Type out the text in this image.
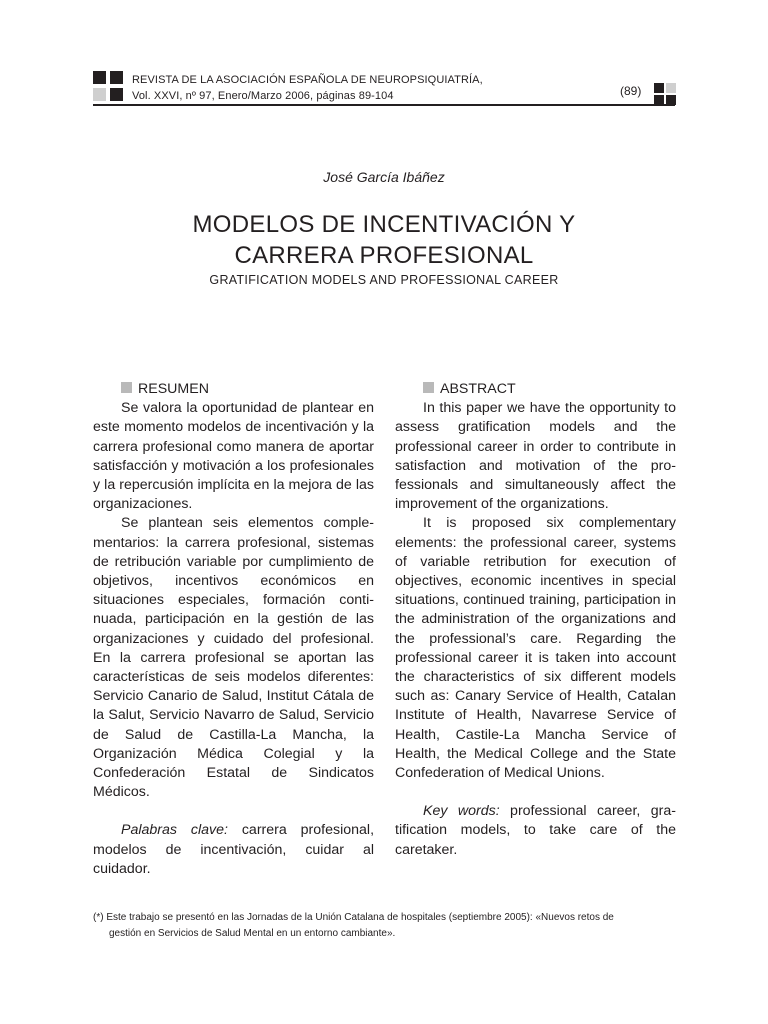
REVISTA DE LA ASOCIACIÓN ESPAÑOLA DE NEUROPSIQUIATRÍA,
Vol. XXVI, nº 97, Enero/Marzo 2006, páginas 89-104	(89)
José García Ibáñez
MODELOS DE INCENTIVACIÓN Y
CARRERA PROFESIONAL
GRATIFICATION MODELS AND PROFESSIONAL CAREER
RESUMEN

Se valora la oportunidad de plantear en este momento modelos de incentivación y la carrera profesional como manera de aportar satisfacción y motivación a los profesionales y la repercusión implícita en la mejora de las organizaciones.

Se plantean seis elementos complementarios: la carrera profesional, sistemas de retribución variable por cumplimiento de objetivos, incentivos económicos en situaciones especiales, formación continuada, participación en la gestión de las organizaciones y cuidado del profesional. En la carrera profesional se aportan las características de seis modelos diferentes: Servicio Canario de Salud, Institut Cátala de la Salut, Servicio Navarro de Salud, Servicio de Salud de Castilla-La Mancha, la Organización Médica Colegial y la Confederación Estatal de Sindicatos Médicos.

Palabras clave: carrera profesional, modelos de incentivación, cuidar al cuidador.

ABSTRACT

In this paper we have the opportunity to assess gratification models and the professional career in order to contribute in satisfaction and motivation of the professionals and simultaneously affect the improvement of the organizations.

It is proposed six complementary elements: the professional career, systems of variable retribution for execution of objectives, economic incentives in special situations, continued training, participation in the administration of the organizations and the professional’s care. Regarding the professional career it is taken into account the characteristics of six different models such as: Canary Service of Health, Catalan Institute of Health, Navarrese Service of Health, Castile-La Mancha Service of Health, the Medical College and the State Confederation of Medical Unions.

Key words: professional career, gratification models, to take care of the caretaker.

(*) Este trabajo se presentó en las Jornadas de la Unión Catalana de hospitales (septiembre 2005): «Nuevos retos de
gestión en Servicios de Salud Mental en un entorno cambiante».
